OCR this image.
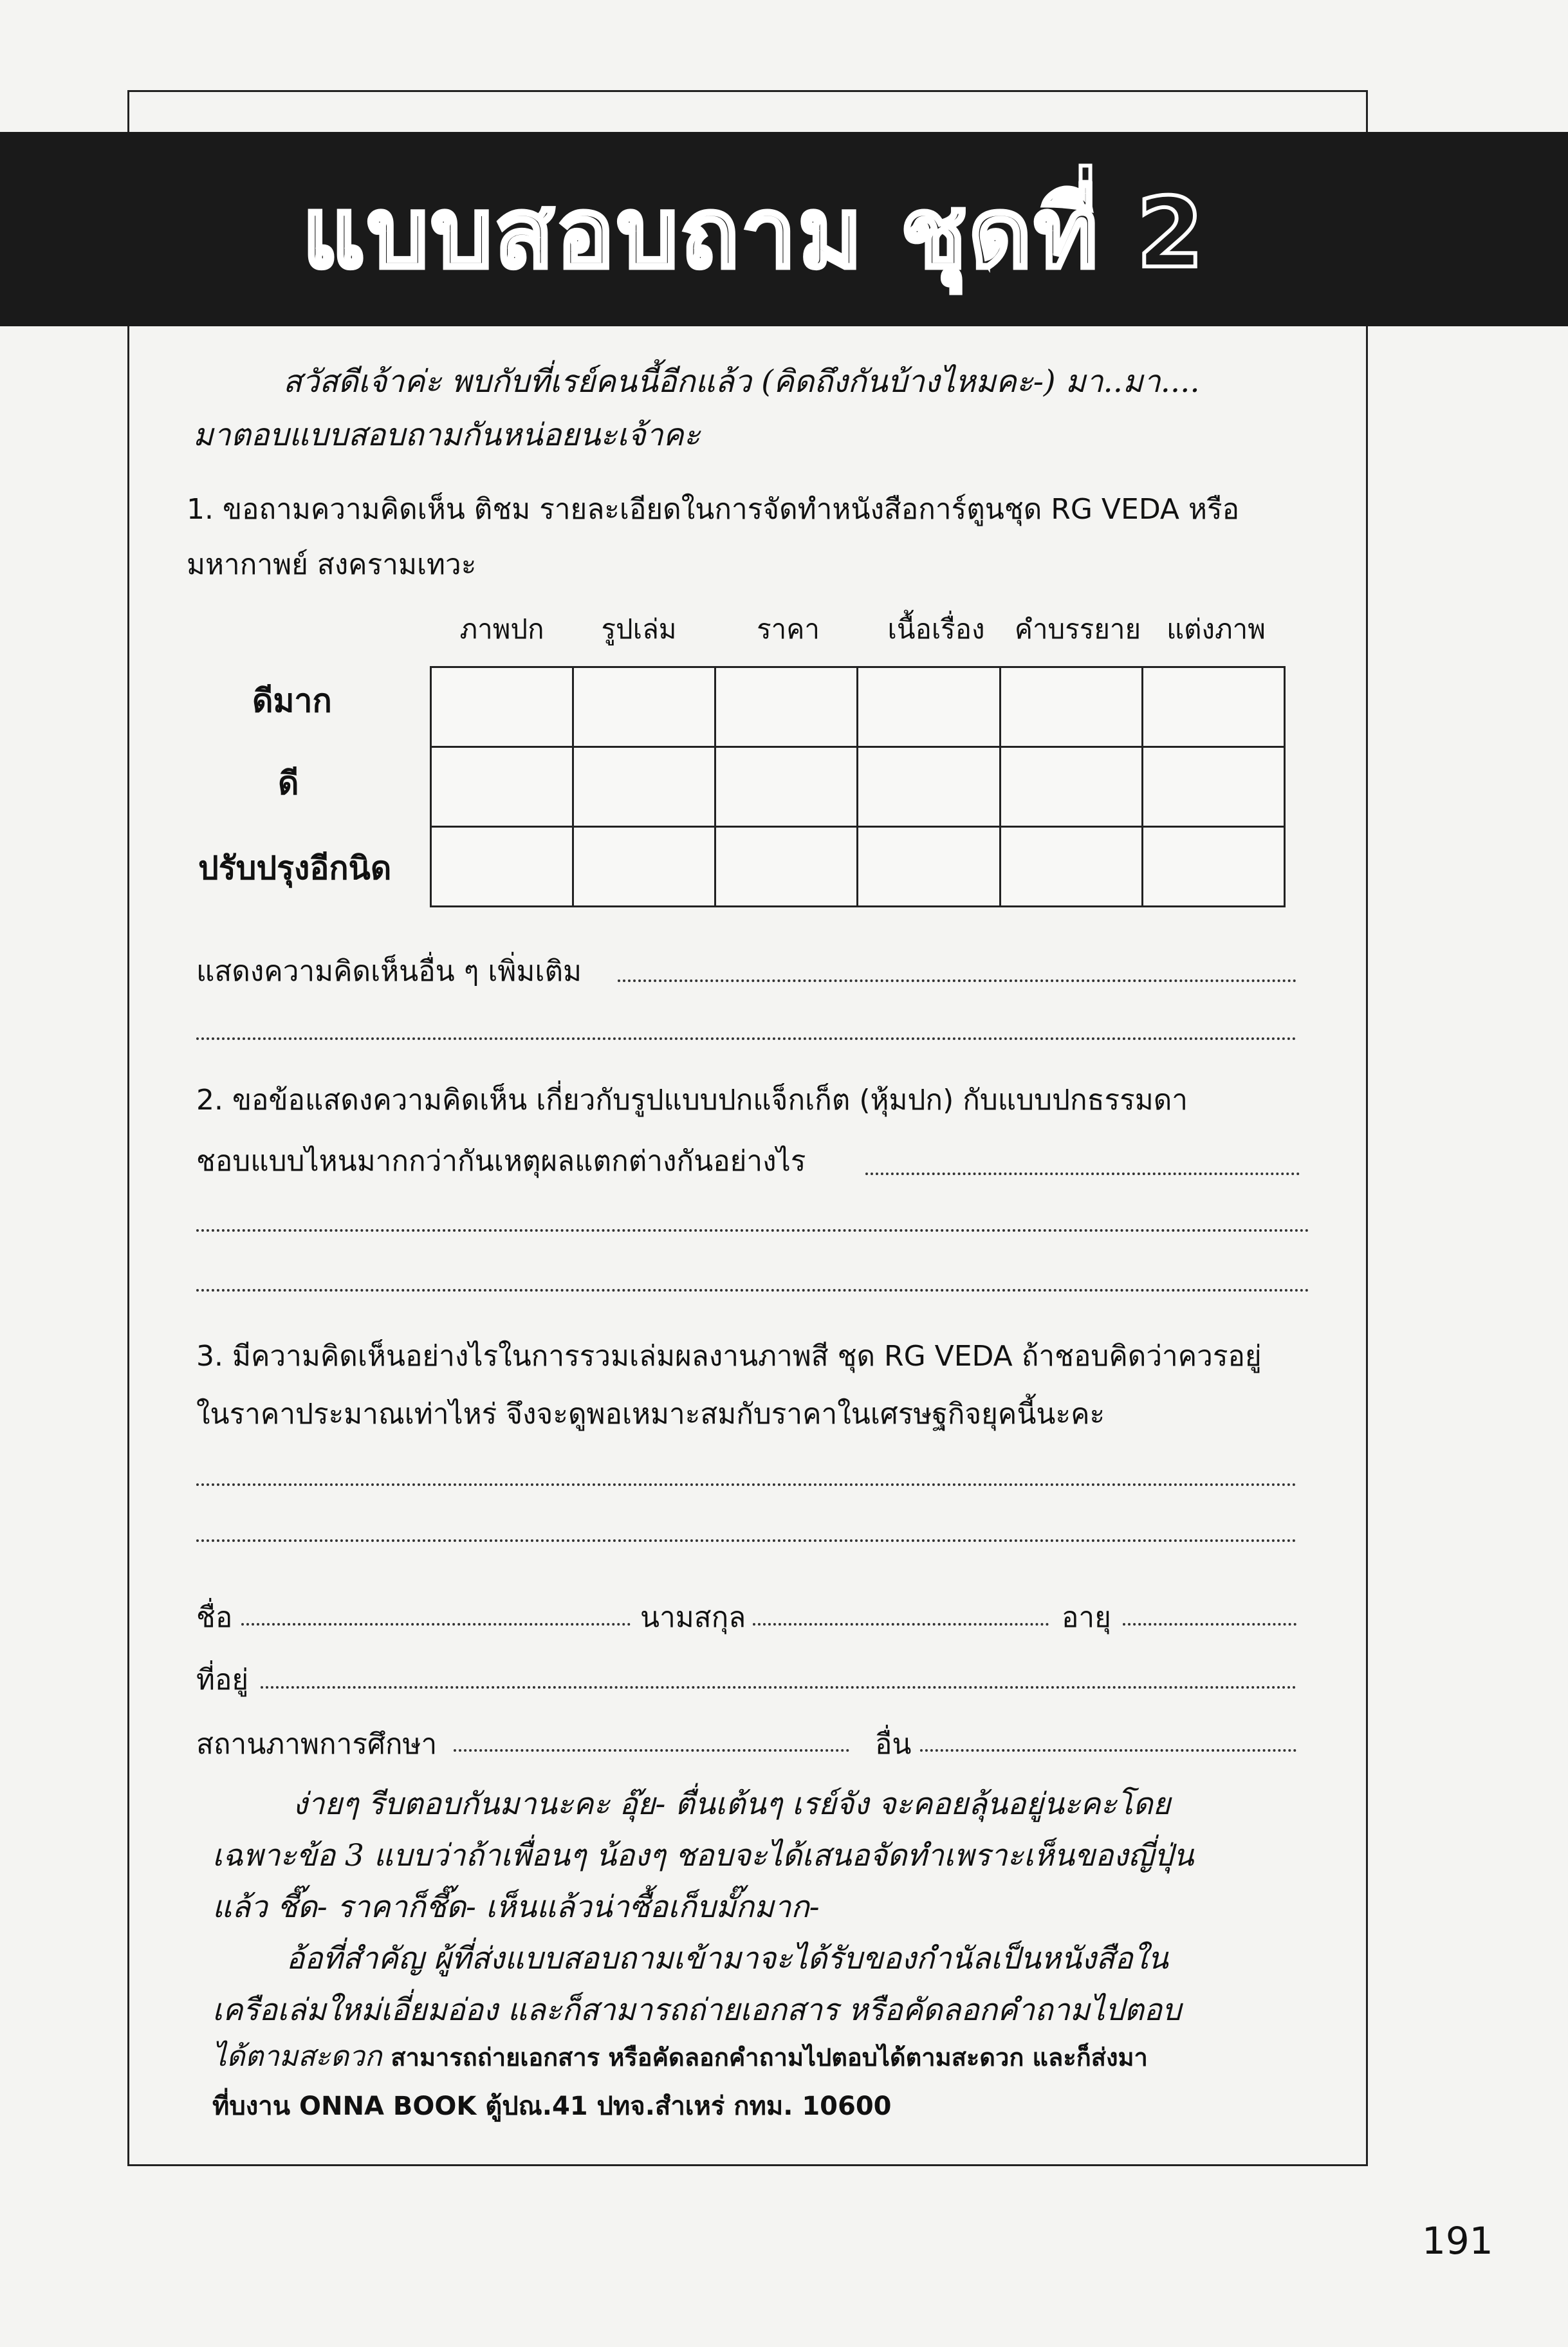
แบบสอบถาม ชุดที่ 2
สวัสดีเจ้าค่ะ พบกับที่เรย์คนนี้อีกแล้ว (คิดถึงกันบ้างไหมคะ-) มา..มา....
มาตอบแบบสอบถามกันหน่อยนะเจ้าคะ
1. ขอถามความคิดเห็น ติชม รายละเอียดในการจัดทำหนังสือการ์ตูนชุด RG VEDA หรือ
มหากาพย์ สงครามเทวะ
ภาพปก	รูปเล่ม	ราคา	เนื้อเรื่อง	คำบรรยาย แต่งภาพ
ดีมาก
ดี
ปรับปรุงอีกนิด

แสดงความคิดเห็นอื่น ๆ เพิ่มเติม
2. ขอข้อแสดงความคิดเห็น เกี่ยวกับรูปแบบปกแจ็กเก็ต (หุ้มปก) กับแบบปกธรรมดา
ชอบแบบไหนมากกว่ากันเหตุผลแตกต่างกันอย่างไร
3. มีความคิดเห็นอย่างไรในการรวมเล่มผลงานภาพสี ชุด RG VEDA ถ้าชอบคิดว่าควรอยู่
ในราคาประมาณเท่าไหร่ จึงจะดูพอเหมาะสมกับราคาในเศรษฐกิจยุคนี้นะคะ
ชื่อ	นามสกุล	อายุ
ที่อยู่
สถานภาพการศึกษา	อื่น
ง่ายๆ รีบตอบกันมานะคะ อุ๊ย- ตื่นเต้นๆ เรย์จัง จะคอยลุ้นอยู่นะคะโดย
เฉพาะข้อ 3 แบบว่าถ้าเพื่อนๆ น้องๆ ชอบจะได้เสนอจัดทำเพราะเห็นของญี่ปุ่น
แล้ว ชี๊ด- ราคาก็ชี๊ด- เห็นแล้วน่าซื้อเก็บมั๊กมาก-
อ้อที่สำคัญ ผู้ที่ส่งแบบสอบถามเข้ามาจะได้รับของกำนัลเป็นหนังสือใน
เครือเล่มใหม่เอี่ยมอ่อง และก็สามารถถ่ายเอกสาร หรือคัดลอกคำถามไปตอบ
ได้ตามสะดวก สามารถถ่ายเอกสาร หรือคัดลอกคำถามไปตอบได้ตามสะดวก และก็ส่งมา
ที่บงาน ONNA BOOK ตู้ปณ.41 ปทจ.สำเหร่ กทม. 10600
191
